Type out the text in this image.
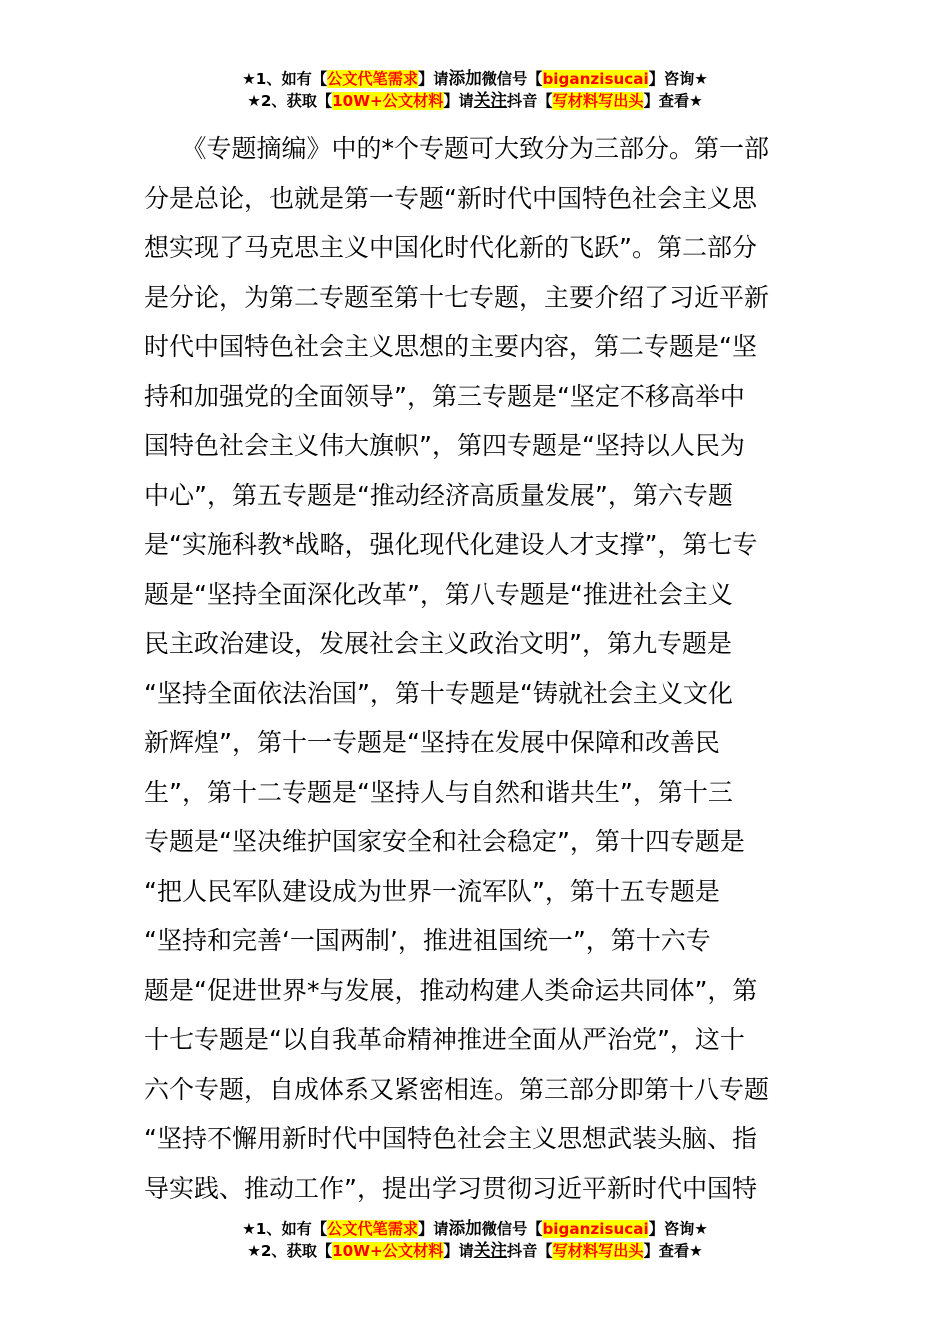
★1、如有【公文代笔需求】请添加微信号【biganzisucai】咨询★
★2、获取【10W+公文材料】请关注抖音【写材料写出头】查看★
　　《专题摘编》中的*个专题可大致分为三部分。第一部
分是总论，也就是第一专题“新时代中国特色社会主义思
想实现了马克思主义中国化时代化新的飞跃”。第二部分
是分论，为第二专题至第十七专题，主要介绍了习近平新
时代中国特色社会主义思想的主要内容，第二专题是“坚
持和加强党的全面领导”，第三专题是“坚定不移高举中
国特色社会主义伟大旗帜”，第四专题是“坚持以人民为
中心”，第五专题是“推动经济高质量发展”，第六专题
是“实施科教*战略，强化现代化建设人才支撑”，第七专
题是“坚持全面深化改革”，第八专题是“推进社会主义
民主政治建设，发展社会主义政治文明”，第九专题是
“坚持全面依法治国”，第十专题是“铸就社会主义文化
新辉煌”，第十一专题是“坚持在发展中保障和改善民
生”，第十二专题是“坚持人与自然和谐共生”，第十三
专题是“坚决维护国家安全和社会稳定”，第十四专题是
“把人民军队建设成为世界一流军队”，第十五专题是
“坚持和完善‘一国两制’，推进祖国统一”，第十六专
题是“促进世界*与发展，推动构建人类命运共同体”，第
十七专题是“以自我革命精神推进全面从严治党”，这十
六个专题，自成体系又紧密相连。第三部分即第十八专题
“坚持不懈用新时代中国特色社会主义思想武装头脑、指
导实践、推动工作”，提出学习贯彻习近平新时代中国特
★1、如有【公文代笔需求】请添加微信号【biganzisucai】咨询★
★2、获取【10W+公文材料】请关注抖音【写材料写出头】查看★
